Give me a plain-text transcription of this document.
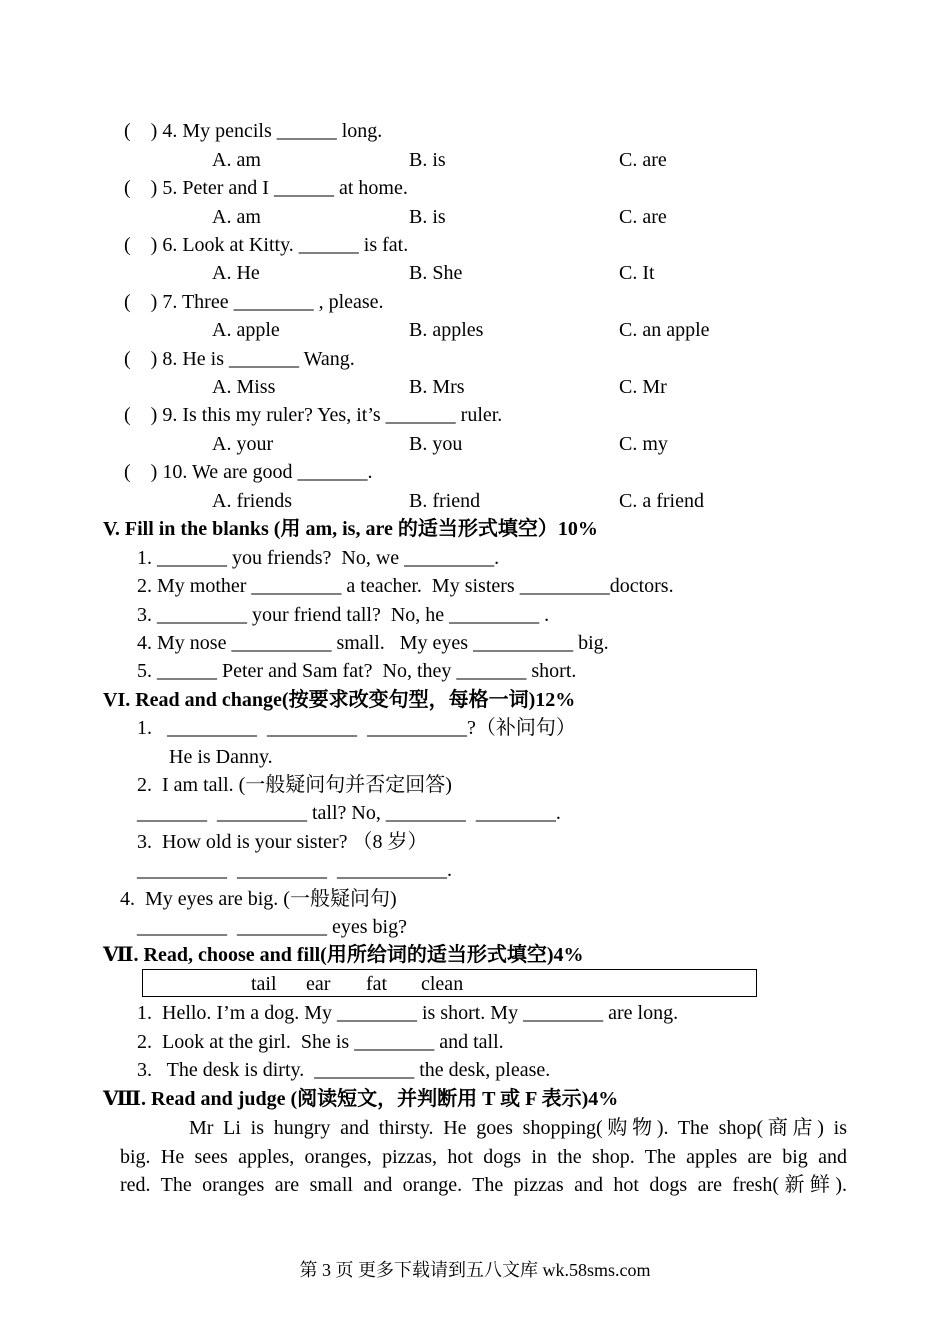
(    ) 4. My pencils ______ long.
A. am	B. is	C. are
(    ) 5. Peter and I ______ at home.
A. am	B. is	C. are
(    ) 6. Look at Kitty. ______ is fat.
A. He	B. She	C. It
(    ) 7. Three ________ , please.
A. apple	B. apples	C. an apple
(    ) 8. He is _______ Wang.
A. Miss	B. Mrs	C. Mr
(    ) 9. Is this my ruler? Yes, it’s _______ ruler.
A. your	B. you	C. my
(    ) 10. We are good _______.
A. friends	B. friend	C. a friend
V. Fill in the blanks (用 am, is, are 的适当形式填空）10%
1. _______ you friends?  No, we _________.
2. My mother _________ a teacher.  My sisters _________doctors.
3. _________ your friend tall?  No, he _________ .
4. My nose __________ small.   My eyes __________ big.
5. ______ Peter and Sam fat?  No, they _______ short.
VI. Read and change(按要求改变句型，每格一词)12%
1.   _________  _________  __________?（补问句）
He is Danny.
2.  I am tall. (一般疑问句并否定回答)
_______  _________ tall? No, ________  ________.
3.  How old is your sister? （8 岁）
_________  _________  ___________.
4.  My eyes are big. (一般疑问句)
_________  _________ eyes big?
Ⅶ. Read, choose and fill(用所给词的适当形式填空)4%
tail ear fat clean
1.  Hello. I’m a dog. My ________ is short. My ________ are long.
2.  Look at the girl.  She is ________ and tall.
3.   The desk is dirty.  __________ the desk, please.
Ⅷ. Read and judge (阅读短文，并判断用 T 或 F 表示)4%
Mr Li is hungry and thirsty. He goes shopping(购物). The shop(商店) is
big. He sees apples, oranges, pizzas, hot dogs in the shop. The apples are big and
red. The oranges are small and orange. The pizzas and hot dogs are fresh(新鲜).
第 3 页 更多下载请到五八文库 wk.58sms.com
